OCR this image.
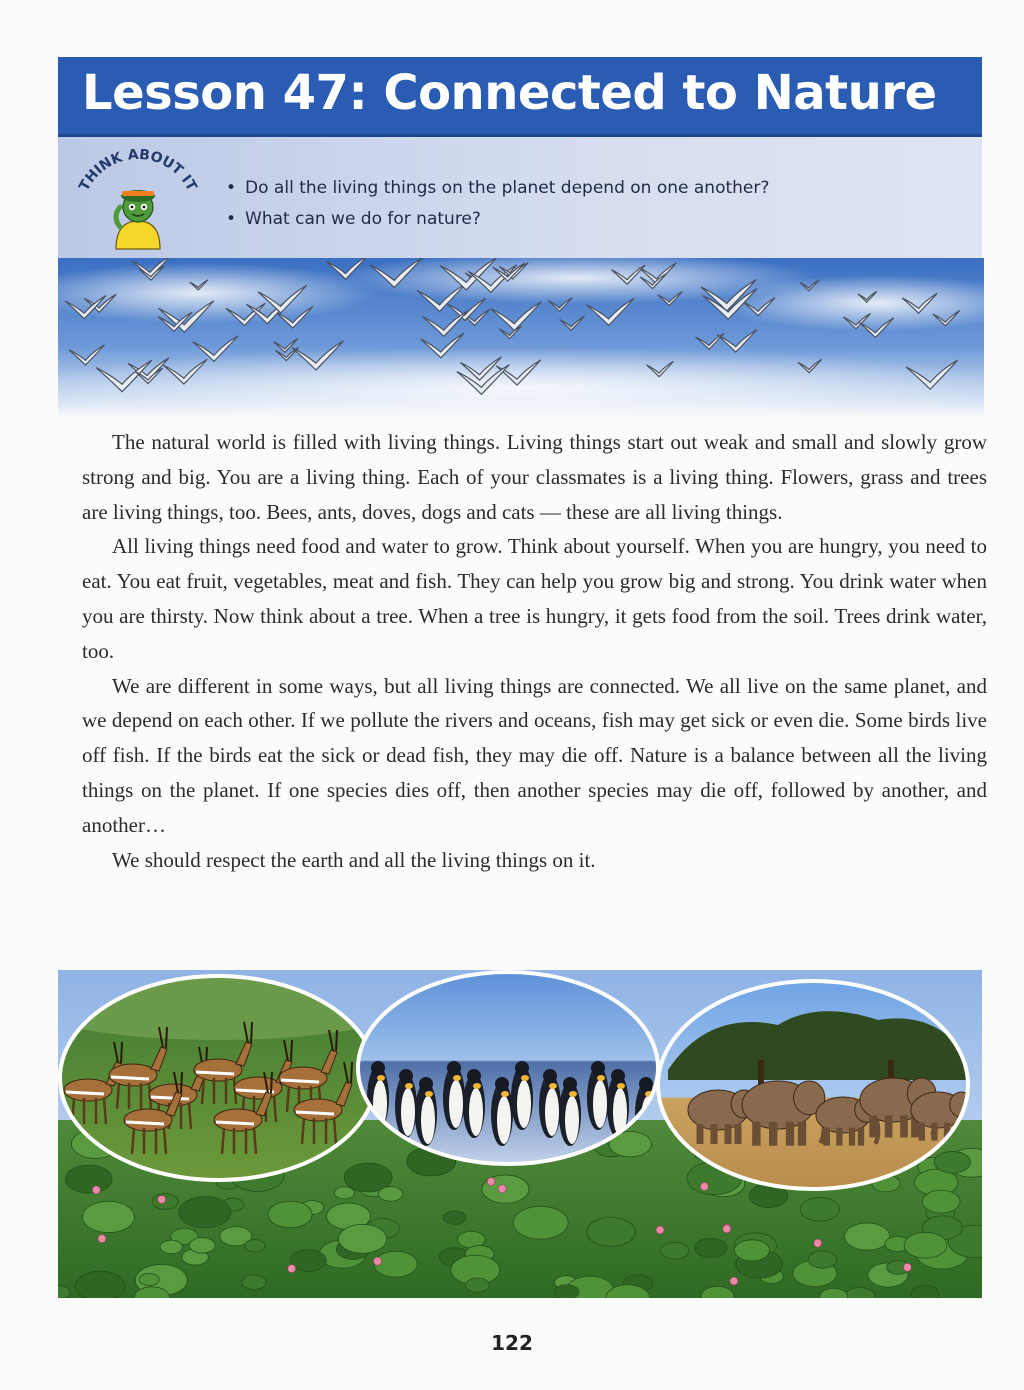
Lesson 47: Connected to Nature
THINK ABOUT IT
•	Do all the living things on the planet depend on one another?
• What can we do for nature?

The natural world is filled with living things. Living things start out weak and small and slowly grow strong and big. You are a living thing. Each of your classmates is a living thing. Flowers, grass and trees are living things, too. Bees, ants, doves, dogs and cats — these are all living things.

All living things need food and water to grow. Think about yourself. When you are hungry, you need to eat. You eat fruit, vegetables, meat and fish. They can help you grow big and strong. You drink water when you are thirsty. Now think about a tree. When a tree is hungry, it gets food from the soil. Trees drink water, too.

We are different in some ways, but all living things are connected. We all live on the same planet, and we depend on each other. If we pollute the rivers and oceans, fish may get sick or even die. Some birds live off fish. If the birds eat the sick or dead fish, they may die off. Nature is a balance between all the living things on the planet. If one species dies off, then another species may die off, followed by another, and another…

We should respect the earth and all the living things on it.

122
